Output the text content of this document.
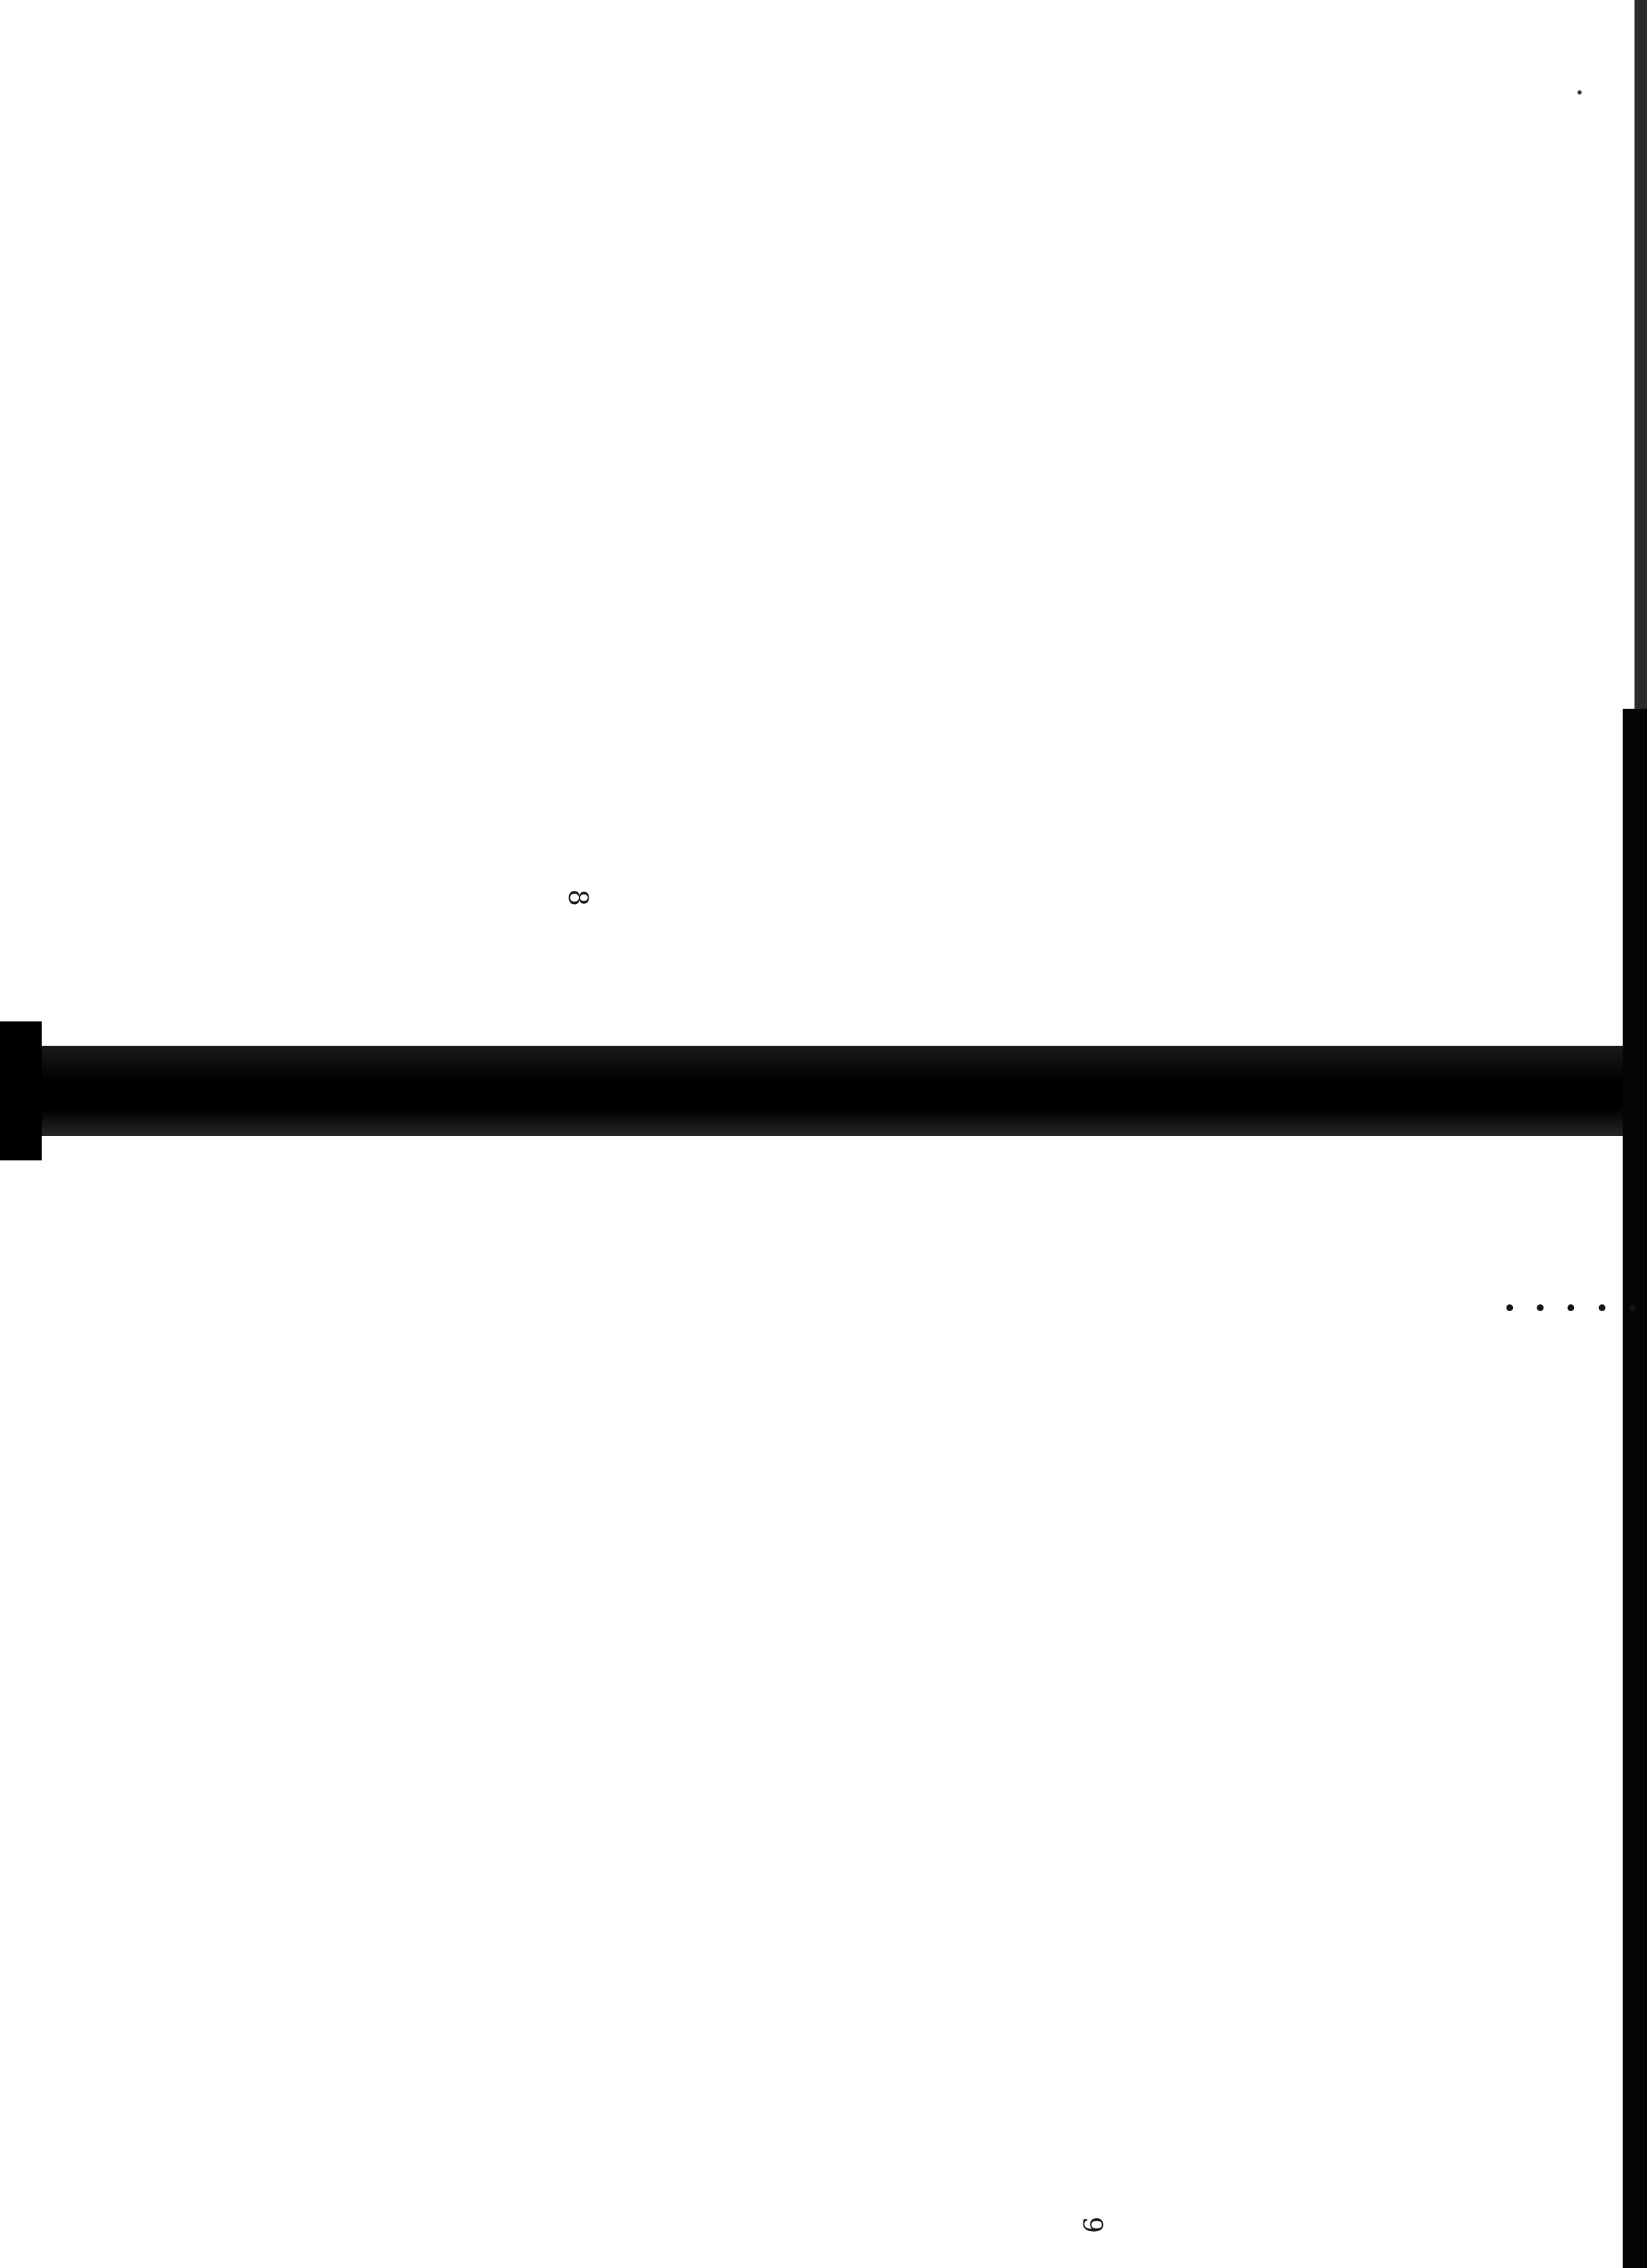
•

•

•

•

•

8
9
